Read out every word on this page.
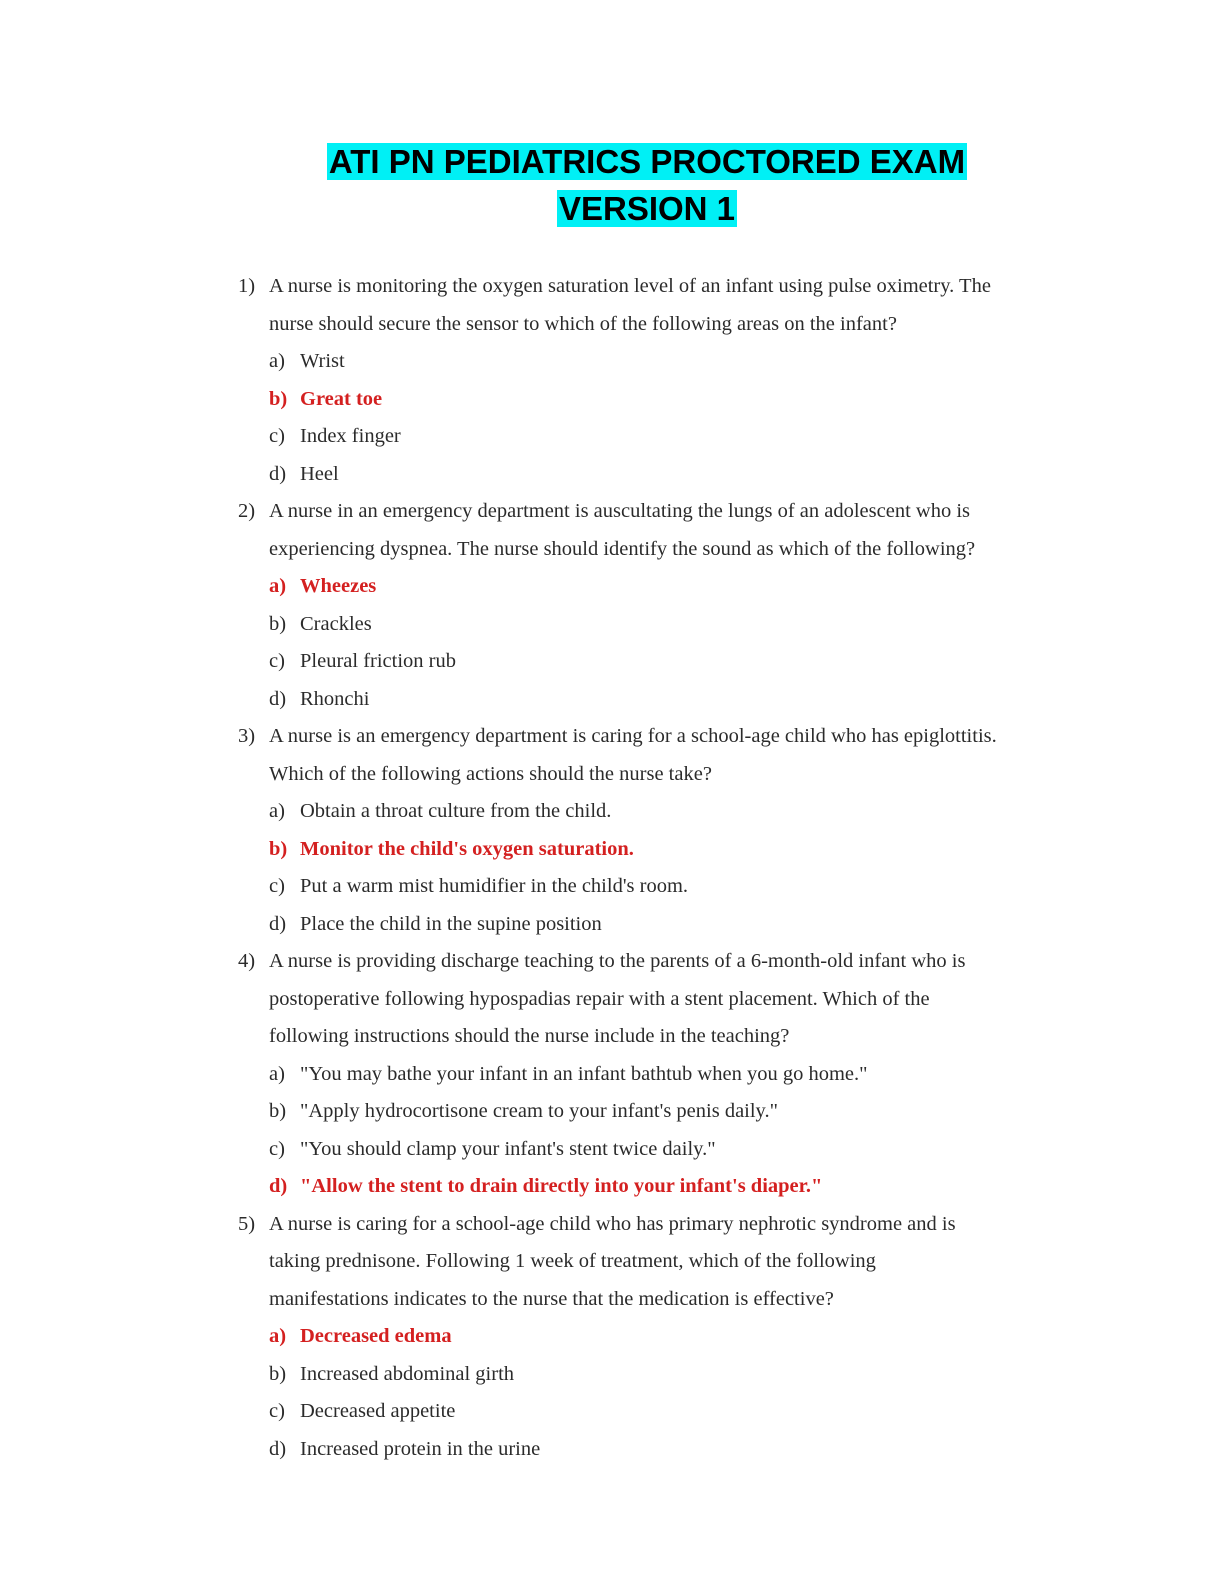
ATI PN PEDIATRICS PROCTORED EXAM
VERSION 1
1) A nurse is monitoring the oxygen saturation level of an infant using pulse oximetry. The nurse should secure the sensor to which of the following areas on the infant?
a) Wrist
b) Great toe
c) Index finger
d) Heel
2) A nurse in an emergency department is auscultating the lungs of an adolescent who is experiencing dyspnea. The nurse should identify the sound as which of the following?
a) Wheezes
b) Crackles
c) Pleural friction rub
d) Rhonchi
3) A nurse is an emergency department is caring for a school-age child who has epiglottitis. Which of the following actions should the nurse take?
a) Obtain a throat culture from the child.
b) Monitor the child's oxygen saturation.
c) Put a warm mist humidifier in the child's room.
d) Place the child in the supine position
4) A nurse is providing discharge teaching to the parents of a 6-month-old infant who is postoperative following hypospadias repair with a stent placement. Which of the following instructions should the nurse include in the teaching?
a) "You may bathe your infant in an infant bathtub when you go home."
b) "Apply hydrocortisone cream to your infant's penis daily."
c) "You should clamp your infant's stent twice daily."
d) "Allow the stent to drain directly into your infant's diaper."
5) A nurse is caring for a school-age child who has primary nephrotic syndrome and is taking prednisone. Following 1 week of treatment, which of the following manifestations indicates to the nurse that the medication is effective?
a) Decreased edema
b) Increased abdominal girth
c) Decreased appetite
d) Increased protein in the urine
